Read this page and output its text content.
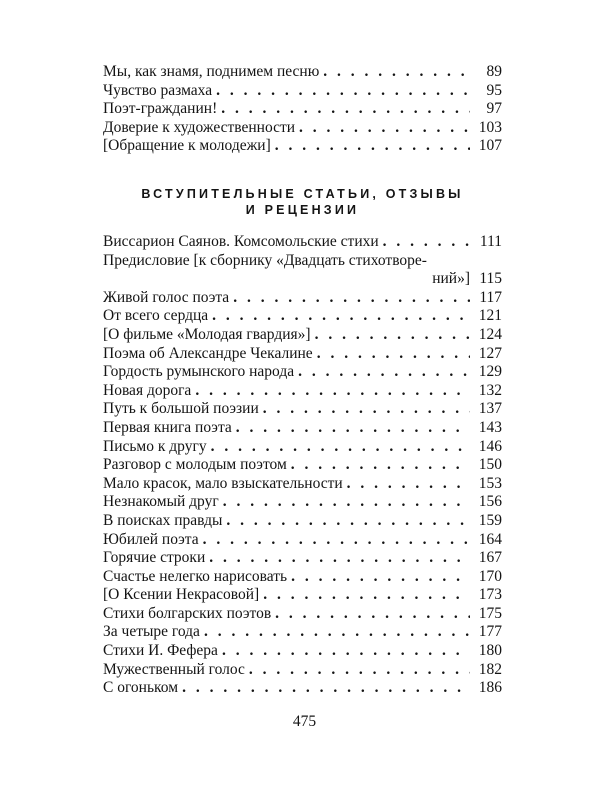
Мы, как знамя, поднимем песню . . .	89
Чувство размаха . . .	95
Поэт-гражданин! . . .	97
Доверие к художественности . . .	103
[Обращение к молодежи] . . .	107
ВСТУПИТЕЛЬНЫЕ СТАТЬИ, ОТЗЫВЫ
И РЕЦЕНЗИИ
Виссарион Саянов. Комсомольские стихи . . .	111
Предисловие [к сборнику «Двадцать стихотворе-
ний»] 115
Живой голос поэта . . .	117
От всего сердца . . .	121
[О фильме «Молодая гвардия»] . . .	124
Поэма об Александре Чекалине . . .	127
Гордость румынского народа . . .	129
Новая дорога . . .	132
Путь к большой поэзии . . .	137
Первая книга поэта . . .	143
Письмо к другу . . .	146
Разговор с молодым поэтом . . .	150
Мало красок, мало взыскательности . . .	153
Незнакомый друг . . .	156
В поисках правды . . .	159
Юбилей поэта . . .	164
Горячие строки . . .	167
Счастье нелегко нарисовать . . .	170
[О Ксении Некрасовой] . . .	173
Стихи болгарских поэтов . . .	175
За четыре года . . .	177
Стихи И. Фефера . . .	180
Мужественный голос . . .	182
С огоньком . . .	186
475
